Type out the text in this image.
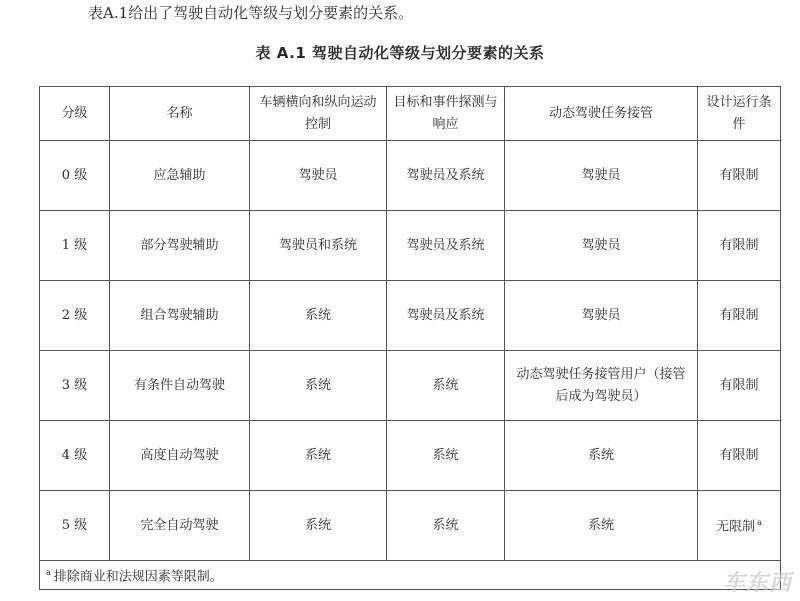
表A.1给出了驾驶自动化等级与划分要素的关系。
表 A.1 驾驶自动化等级与划分要素的关系
分级	名称	车辆横向和纵向运动控制	目标和事件探测与响应	动态驾驶任务接管	设计运行条件
0 级	应急辅助	驾驶员	驾驶员及系统	驾驶员	有限制
1 级	部分驾驶辅助	驾驶员和系统	驾驶员及系统	驾驶员	有限制
2 级	组合驾驶辅助	系统	驾驶员及系统	驾驶员	有限制
3 级	有条件自动驾驶	系统	系统	动态驾驶任务接管用户（接管后成为驾驶员）	有限制
4 级	高度自动驾驶	系统	系统	系统	有限制
5 级	完全自动驾驶	系统	系统	系统	无限制 $^a$
$^a$ 排除商业和法规因素等限制。						车东西
